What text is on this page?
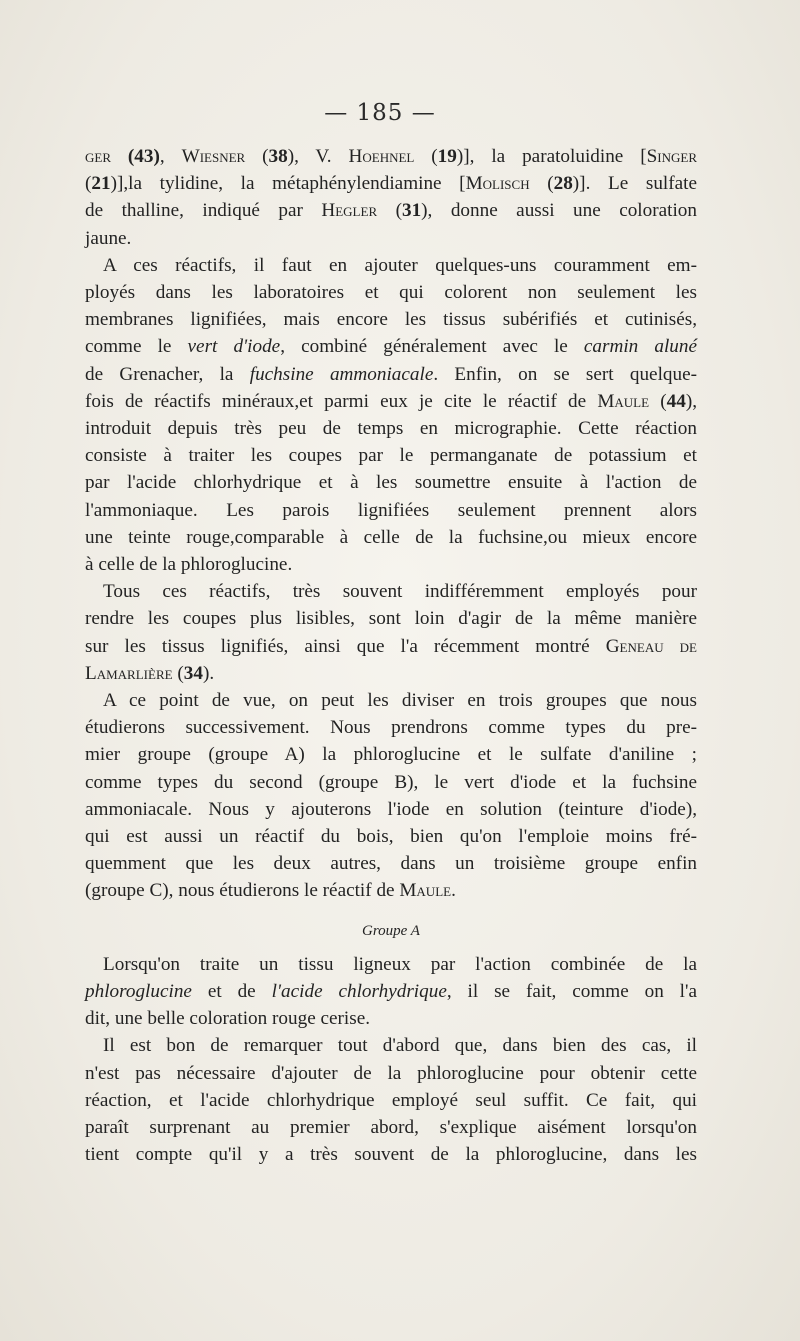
— 185 —
ger (43), Wiesner (38), V. Hoehnel (19)], la paratoluidine [Singer
(21)],la tylidine, la métaphénylendiamine [Molisch (28)]. Le sulfate
de thalline, indiqué par Hegler (31), donne aussi une coloration
jaune.
A ces réactifs, il faut en ajouter quelques-uns couramment em-
ployés dans les laboratoires et qui colorent non seulement les
membranes lignifiées, mais encore les tissus subérifiés et cutinisés,
comme le vert d'iode, combiné généralement avec le carmin aluné
de Grenacher, la fuchsine ammoniacale. Enfin, on se sert quelque-
fois de réactifs minéraux,et parmi eux je cite le réactif de Maule (44),
introduit depuis très peu de temps en micrographie. Cette réaction
consiste à traiter les coupes par le permanganate de potassium et
par l'acide chlorhydrique et à les soumettre ensuite à l'action de
l'ammoniaque. Les parois lignifiées seulement prennent alors
une teinte rouge,comparable à celle de la fuchsine,ou mieux encore
à celle de la phloroglucine.
Tous ces réactifs, très souvent indifféremment employés pour
rendre les coupes plus lisibles, sont loin d'agir de la même manière
sur les tissus lignifiés, ainsi que l'a récemment montré Geneau de
Lamarlière (34).
A ce point de vue, on peut les diviser en trois groupes que nous
étudierons successivement. Nous prendrons comme types du pre-
mier groupe (groupe A) la phloroglucine et le sulfate d'aniline ;
comme types du second (groupe B), le vert d'iode et la fuchsine
ammoniacale. Nous y ajouterons l'iode en solution (teinture d'iode),
qui est aussi un réactif du bois, bien qu'on l'emploie moins fré-
quemment que les deux autres, dans un troisième groupe enfin
(groupe C), nous étudierons le réactif de Maule.
Groupe A
Lorsqu'on traite un tissu ligneux par l'action combinée de la
phloroglucine et de l'acide chlorhydrique, il se fait, comme on l'a
dit, une belle coloration rouge cerise.
Il est bon de remarquer tout d'abord que, dans bien des cas, il
n'est pas nécessaire d'ajouter de la phloroglucine pour obtenir cette
réaction, et l'acide chlorhydrique employé seul suffit. Ce fait, qui
paraît surprenant au premier abord, s'explique aisément lorsqu'on
tient compte qu'il y a très souvent de la phloroglucine, dans les
